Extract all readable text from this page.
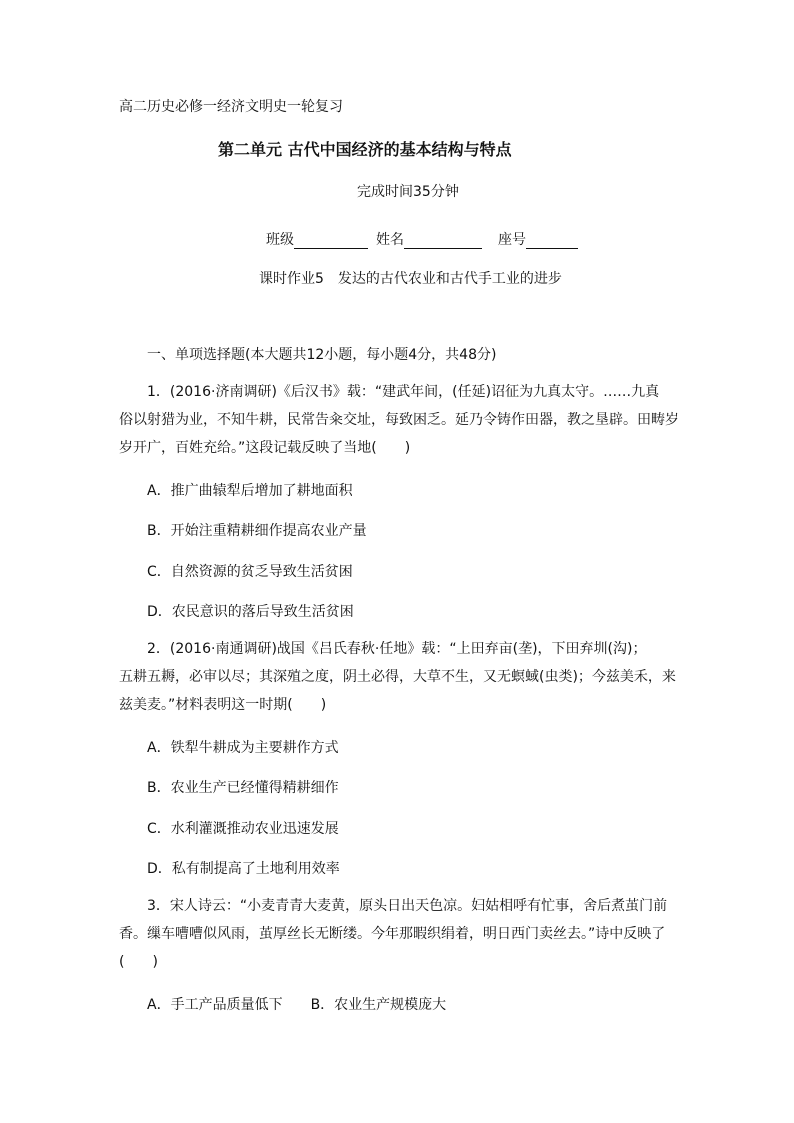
高二历史必修一经济文明史一轮复习
第二单元 古代中国经济的基本结构与特点
完成时间35分钟
班级	姓名	座号
课时作业5　发达的古代农业和古代手工业的进步
一、单项选择题(本大题共12小题，每小题4分，共48分)
1．(2016·济南调研)《后汉书》载：“建武年间，(任延)诏征为九真太守。……九真
俗以射猎为业，不知牛耕，民常告籴交址，每致困乏。延乃令铸作田器，教之垦辟。田畴岁
岁开广，百姓充给。”这段记载反映了当地(　　)
A．推广曲辕犁后增加了耕地面积
B．开始注重精耕细作提高农业产量
C．自然资源的贫乏导致生活贫困
D．农民意识的落后导致生活贫困
2．(2016·南通调研)战国《吕氏春秋·任地》载：“上田弃亩(垄)，下田弃圳(沟)；
五耕五耨，必审以尽；其深殖之度，阴土必得，大草不生，又无螟蜮(虫类)；今兹美禾，来
兹美麦。”材料表明这一时期(　　)
A．铁犁牛耕成为主要耕作方式
B．农业生产已经懂得精耕细作
C．水利灌溉推动农业迅速发展
D．私有制提高了土地利用效率
3．宋人诗云：“小麦青青大麦黄，原头日出天色凉。妇姑相呼有忙事，舍后煮茧门前
香。缫车嘈嘈似风雨，茧厚丝长无断缕。今年那暇织绢着，明日西门卖丝去。”诗中反映了
(　　)
A．手工产品质量低下　　B．农业生产规模庞大
